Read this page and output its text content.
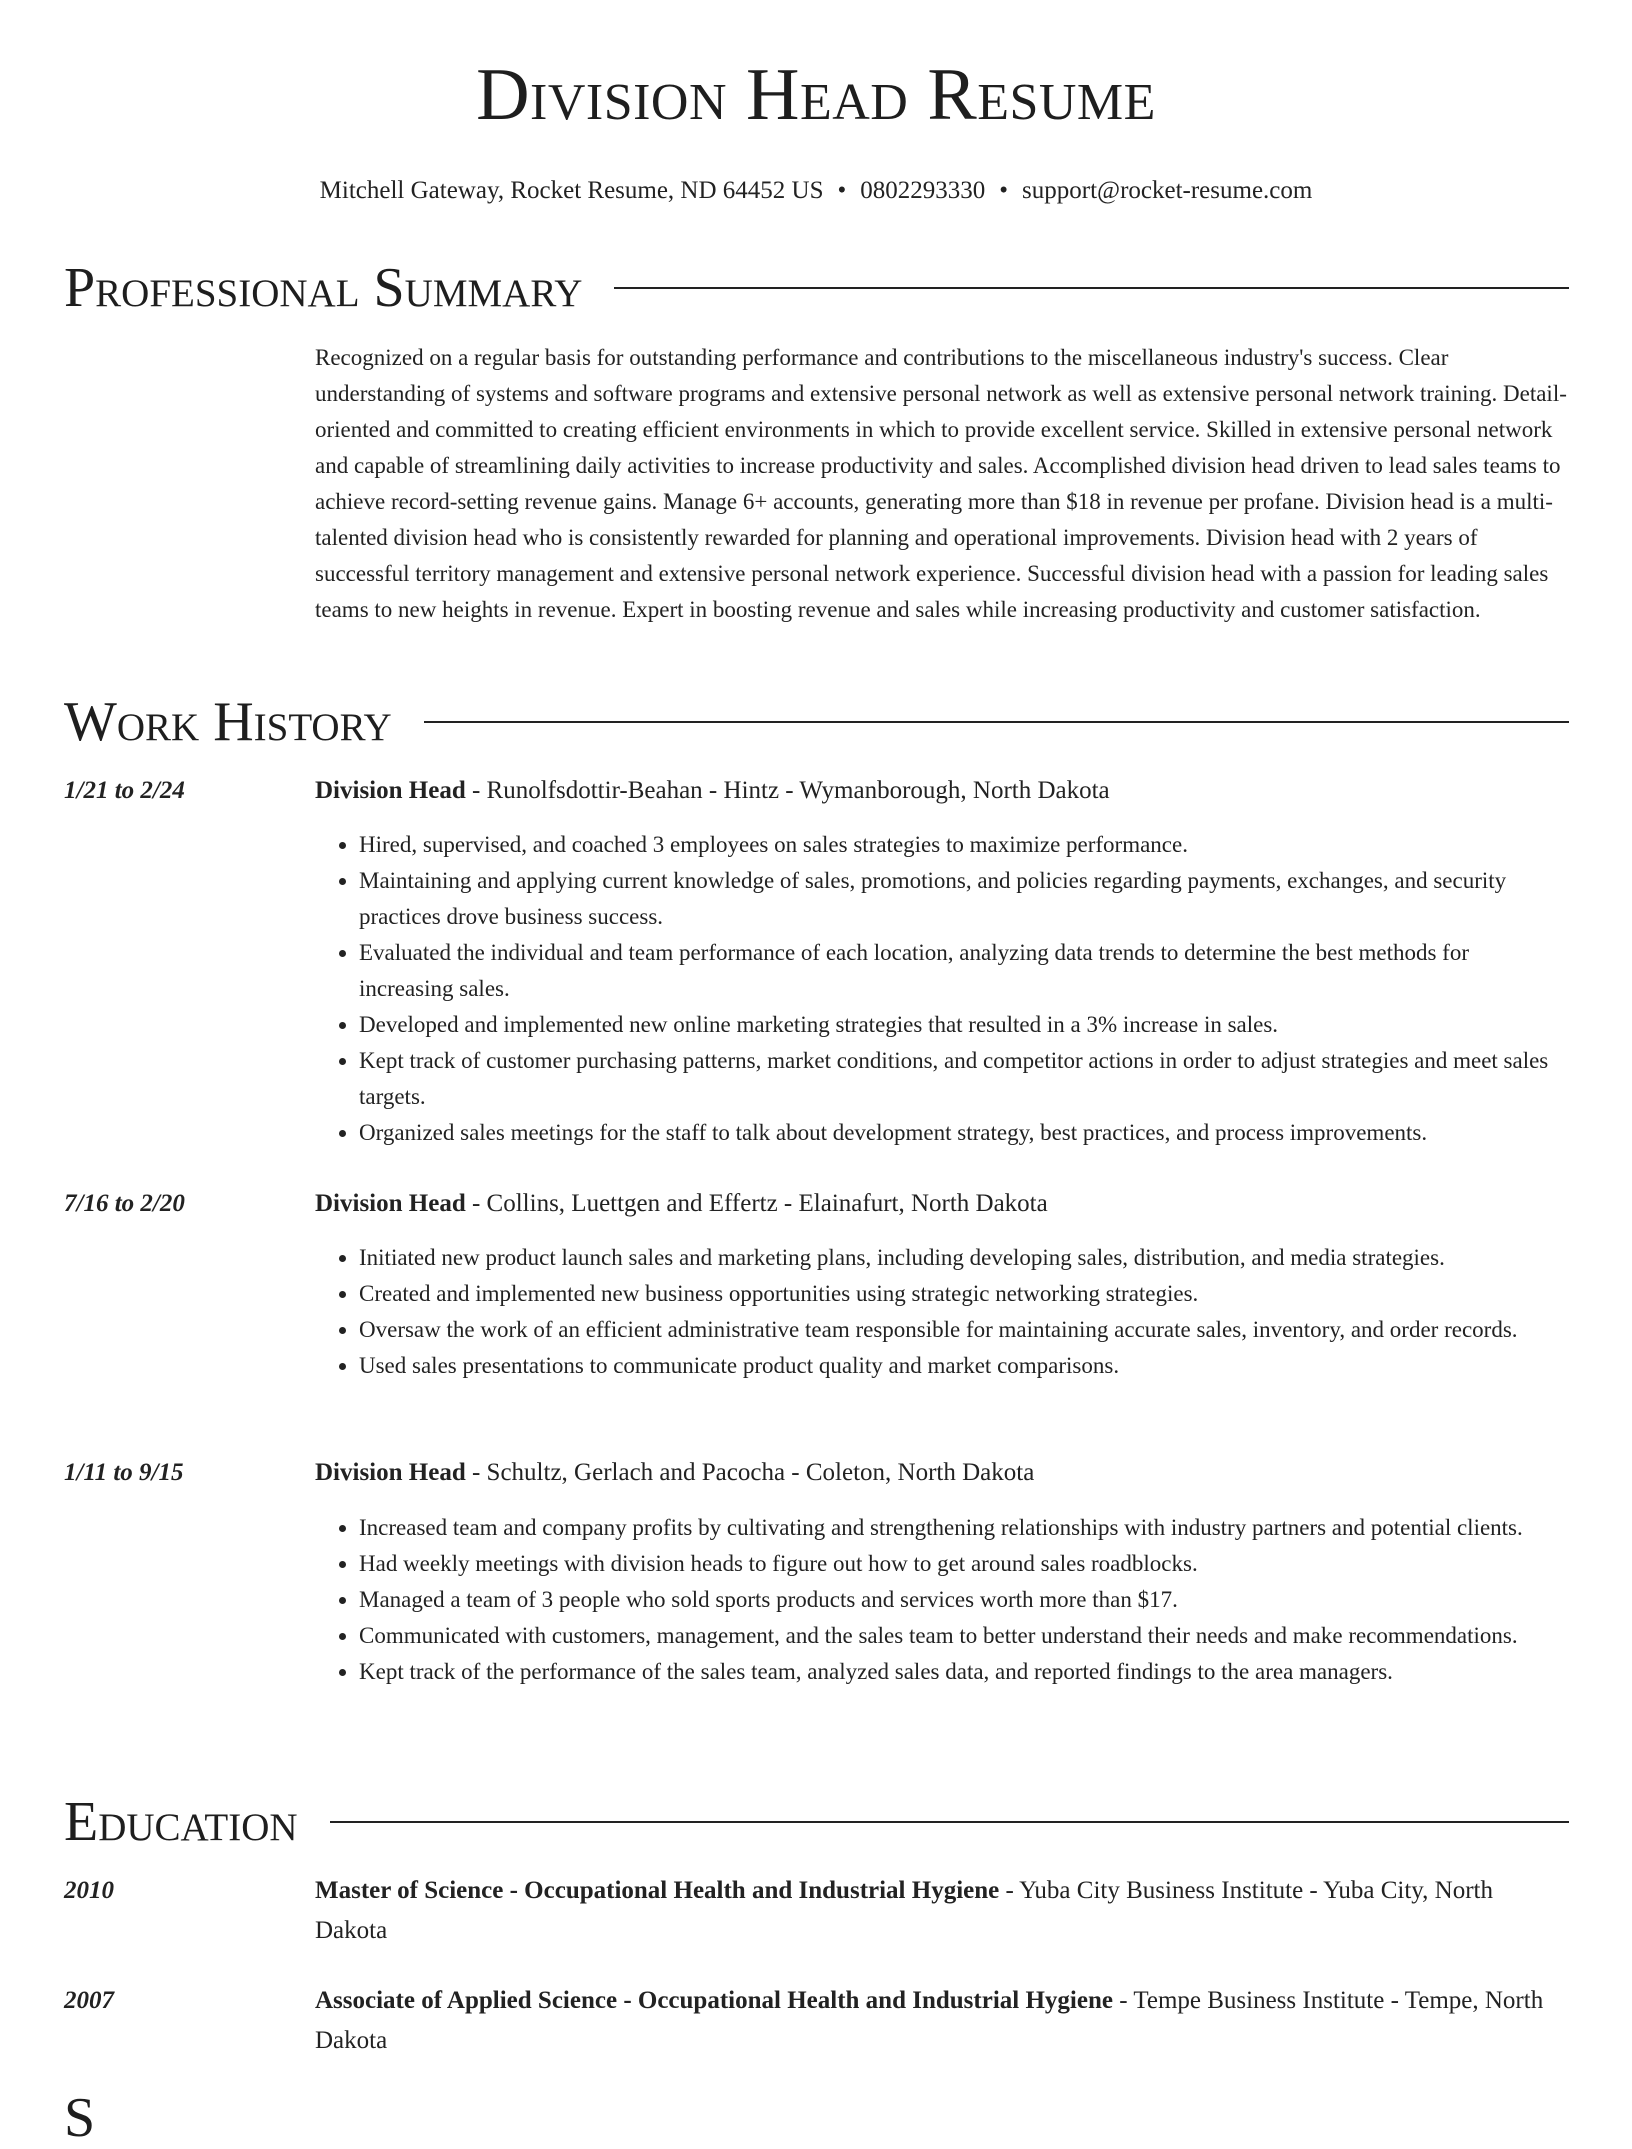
Division Head Resume
Mitchell Gateway, Rocket Resume, ND 64452 US • 0802293330 • support@rocket-resume.com
Professional Summary

Recognized on a regular basis for outstanding performance and contributions to the miscellaneous industry's success. Clear understanding of systems and software programs and extensive personal network as well as extensive personal network training. Detail-oriented and committed to creating efficient environments in which to provide excellent service. Skilled in extensive personal network and capable of streamlining daily activities to increase productivity and sales. Accomplished division head driven to lead sales teams to achieve record-setting revenue gains. Manage 6+ accounts, generating more than $18 in revenue per profane. Division head is a multi-talented division head who is consistently rewarded for planning and operational improvements. Division head with 2 years of successful territory management and extensive personal network experience. Successful division head with a passion for leading sales teams to new heights in revenue. Expert in boosting revenue and sales while increasing productivity and customer satisfaction.

Work History
1/21 to 2/24	Division Head - Runolfsdottir-Beahan - Hintz - Wymanborough, North Dakota
• Hired, supervised, and coached 3 employees on sales strategies to maximize performance.
• Maintaining and applying current knowledge of sales, promotions, and policies regarding payments, exchanges, and security practices drove business success.
• Evaluated the individual and team performance of each location, analyzing data trends to determine the best methods for increasing sales.
• Developed and implemented new online marketing strategies that resulted in a 3% increase in sales.
• Kept track of customer purchasing patterns, market conditions, and competitor actions in order to adjust strategies and meet sales targets.
• Organized sales meetings for the staff to talk about development strategy, best practices, and process improvements.
7/16 to 2/20	Division Head - Collins, Luettgen and Effertz - Elainafurt, North Dakota
• Initiated new product launch sales and marketing plans, including developing sales, distribution, and media strategies.
• Created and implemented new business opportunities using strategic networking strategies.
• Oversaw the work of an efficient administrative team responsible for maintaining accurate sales, inventory, and order records.
• Used sales presentations to communicate product quality and market comparisons.
1/11 to 9/15	Division Head - Schultz, Gerlach and Pacocha - Coleton, North Dakota
• Increased team and company profits by cultivating and strengthening relationships with industry partners and potential clients.
• Had weekly meetings with division heads to figure out how to get around sales roadblocks.
• Managed a team of 3 people who sold sports products and services worth more than $17.
• Communicated with customers, management, and the sales team to better understand their needs and make recommendations.
• Kept track of the performance of the sales team, analyzed sales data, and reported findings to the area managers.
Education
2010	Master of Science - Occupational Health and Industrial Hygiene - Yuba City Business Institute - Yuba City, North Dakota
2007	Associate of Applied Science - Occupational Health and Industrial Hygiene - Tempe Business Institute - Tempe, North Dakota
S
